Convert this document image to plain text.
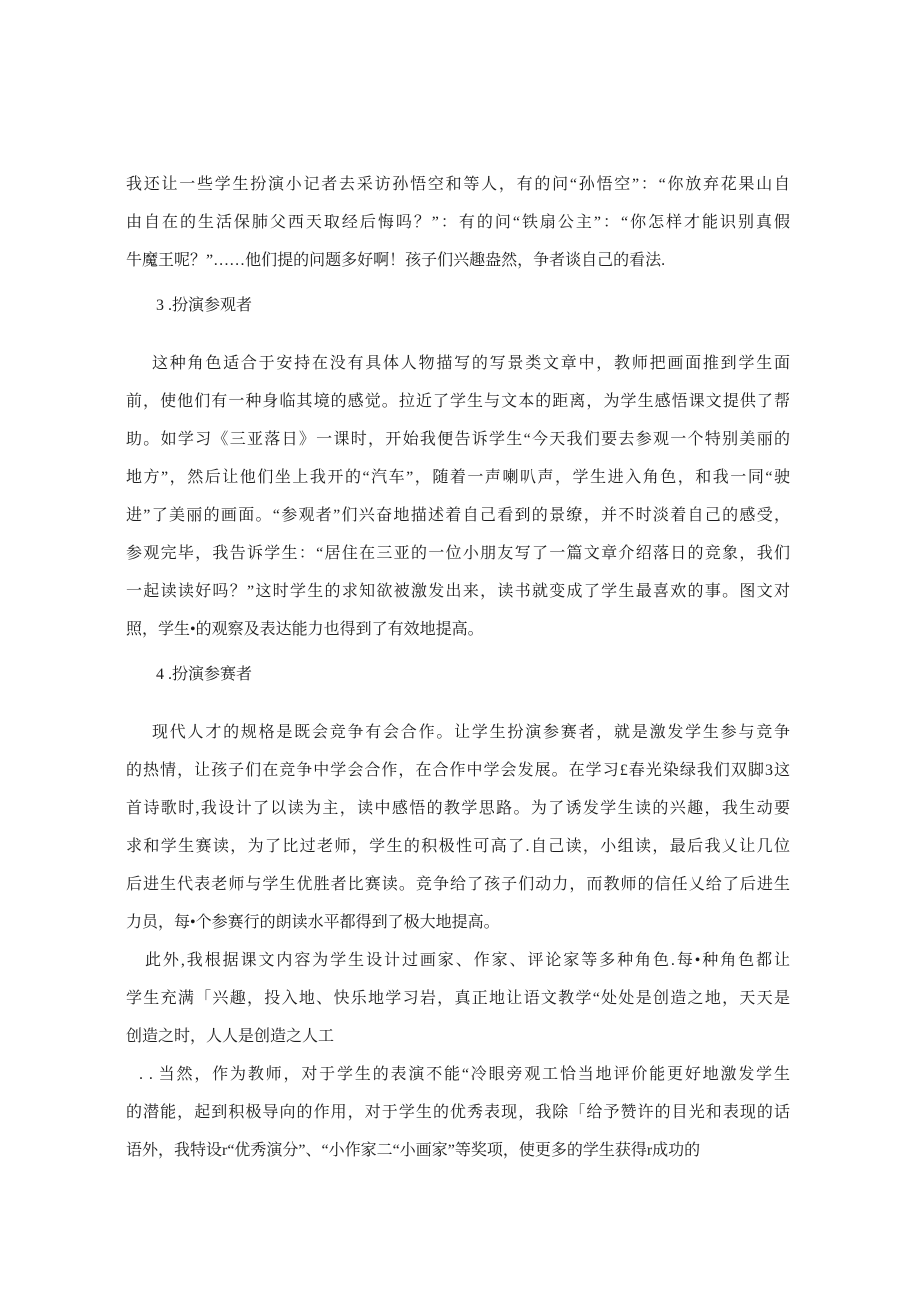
我还让一些学生扮演小记者去采访孙悟空和等人，有的问“孙悟空”：“你放弃花果山自
由自在的生活保肺父西天取经后悔吗？”：有的问“铁扇公主”：“你怎样才能识别真假
牛魔王呢？”……他们提的问题多好啊！孩子们兴趣盎然，争者谈自己的看法.
3 .扮演参观者
这种角色适合于安持在没有具体人物描写的写景类文章中，教师把画面推到学生面
前，使他们有一种身临其境的感觉。拉近了学生与文本的距离，为学生感悟课文提供了帮
助。如学习《三亚落日》一课时，开始我便告诉学生“今天我们要去参观一个特别美丽的
地方”，然后让他们坐上我开的“汽车”，随着一声喇叭声，学生进入角色，和我一同“驶
进”了美丽的画面。“参观者”们兴奋地描述着自己看到的景缭，并不时淡着自己的感受，
参观完毕，我告诉学生：“居住在三亚的一位小朋友写了一篇文章介绍落日的竞象，我们
一起读读好吗？”这时学生的求知欲被激发出来，读书就变成了学生最喜欢的事。图文对
照，学生•的观察及表达能力也得到了有效地提高。
4 .扮演参赛者
现代人才的规格是既会竞争有会合作。让学生扮演参赛者，就是激发学生参与竞争
的热情，让孩子们在竞争中学会合作，在合作中学会发展。在学习£春光染绿我们双脚3这
首诗歌时,我设计了以读为主，读中感悟的教学思路。为了诱发学生读的兴趣，我生动要
求和学生赛读，为了比过老师，学生的积极性可高了.自己读，小组读，最后我乂让几位
后进生代表老师与学生优胜者比赛读。竞争给了孩子们动力，而教师的信任乂给了后进生
力员，每•个参赛行的朗读水平都得到了极大地提高。
此外,我根据课文内容为学生设计过画家、作家、评论家等多种角色.每•种角色都让
学生充满「兴趣，投入地、快乐地学习岩，真正地让语文教学“处处是创造之地，天天是
创造之时，人人是创造之人工
. . 当然，作为教师，对于学生的表演不能“冷眼旁观工恰当地评价能更好地激发学生
的潜能，起到积极导向的作用，对于学生的优秀表现，我除「给予赞许的目光和表现的话
语外，我特设r“优秀演分”、“小作家二“小画家”等奖项，使更多的学生获得r成功的
